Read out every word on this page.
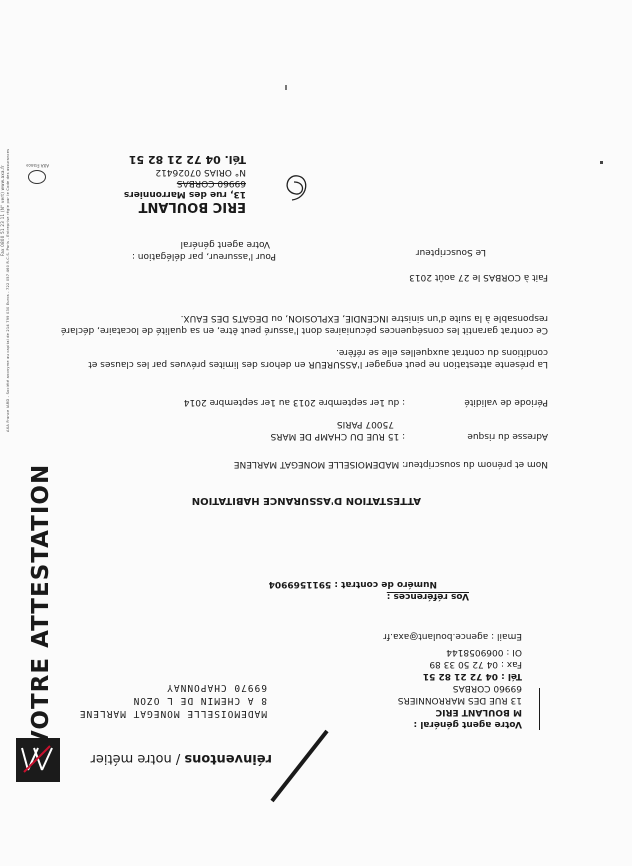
réinventons / notre métier
Votre agent général :
M BOULANT ERIC
13 RUE DES MARRONNIERS
69960 CORBAS
Tél : 04 72 21 82 51
Fax : 04 72 50 33 89
OI : 006905814​4
Email : agence.boulant@axa.fr
MADEMOISELLE MONEGAT MARLENE
8 A CHEMIN DE L OZON
69970 CHAPONNAY
VOTRE ATTESTATION	Vos références :
Numéro de contrat : 5911569904
ATTESTATION D'ASSURANCE HABITATION
Nom et prénom du souscripteur : MADEMOISELLE MONEGAT MARLENE
Adresse du risque : 15 RUE DU CHAMP DE MARS
75007 PARIS
Période de validité : du 1er septembre 2013 au 1er septembre 2014
La présente attestation ne peut engager l'ASSUREUR en dehors des limites prévues par les clauses et
conditions du contrat auxquelles elle se réfère.
Ce contrat garantit les conséquences pécuniaires dont l'assuré peut être, en sa qualité de locataire, déclaré
responsable à la suite d'un sinistre INCENDIE, EXPLOSION, ou DEGATS DES EAUX.
Fait à CORBAS le 27 août 2013
Le Souscripteur
Pour l'assureur, par délégation :
Votre agent général
ERIC BOULANT
13, rue des Marronniers
69960 CORBAS
N° ORIAS 07026412
Tél. 04 72 21 82 51
Fax 0800 51 23 11 (N° vert) www.axa.fr AXA France IARD - Société anonyme au capital de 214 799 030 Euros - 722 057 460 R.C.S. Paris - Entreprise régie par le Code des assurances	AXA France
